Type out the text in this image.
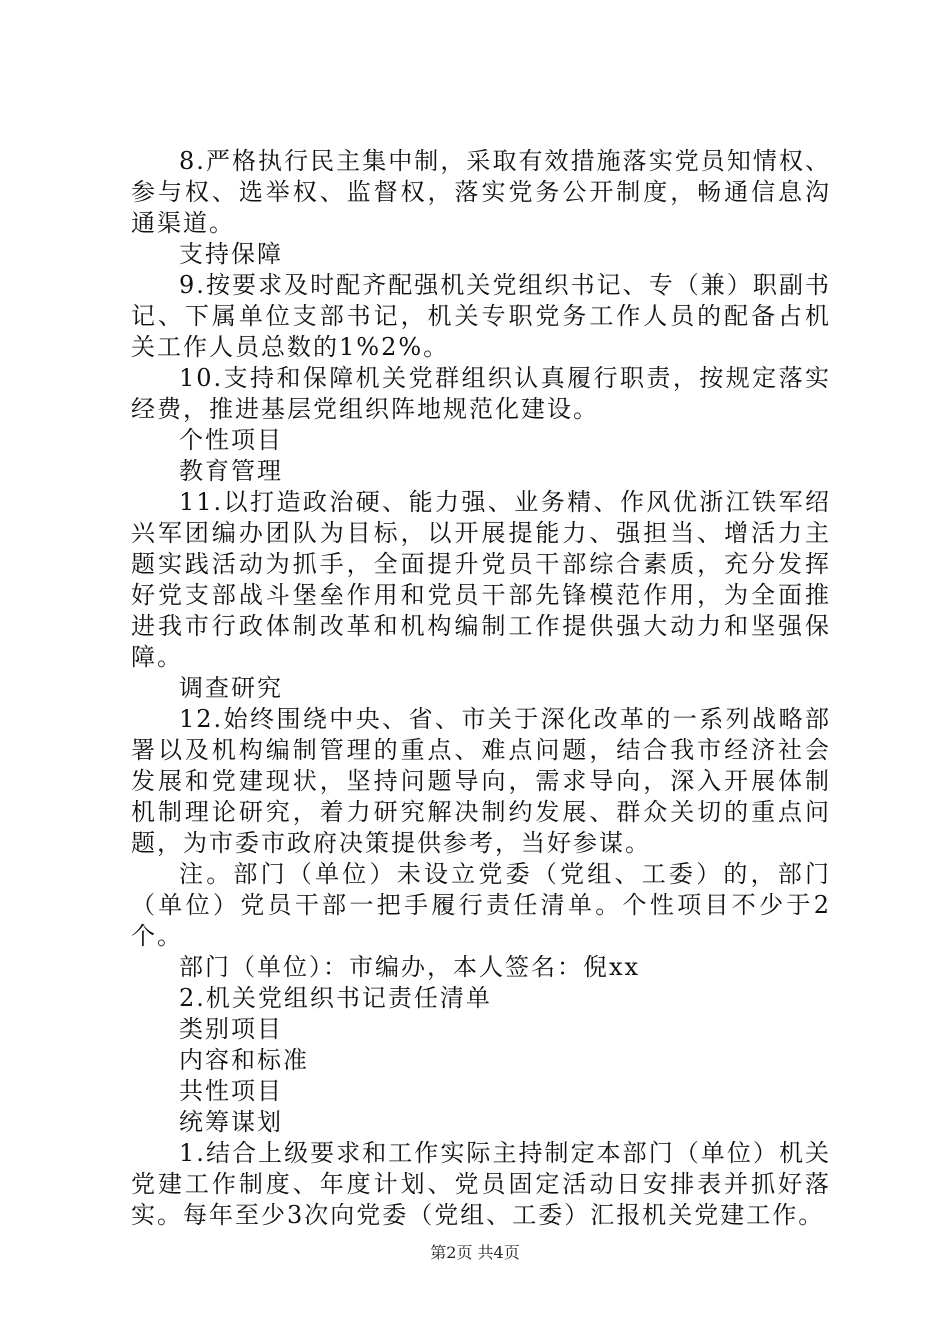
8.严格执行民主集中制，采取有效措施落实党员知情权、参与权、选举权、监督权，落实党务公开制度，畅通信息沟通渠道。

支持保障

9.按要求及时配齐配强机关党组织书记、专（兼）职副书记、下属单位支部书记，机关专职党务工作人员的配备占机关工作人员总数的1%2%。

10.支持和保障机关党群组织认真履行职责，按规定落实经费，推进基层党组织阵地规范化建设。

个性项目

教育管理

11.以打造政治硬、能力强、业务精、作风优浙江铁军绍兴军团编办团队为目标，以开展提能力、强担当、增活力主题实践活动为抓手，全面提升党员干部综合素质，充分发挥好党支部战斗堡垒作用和党员干部先锋模范作用，为全面推进我市行政体制改革和机构编制工作提供强大动力和坚强保障。

调查研究

12.始终围绕中央、省、市关于深化改革的一系列战略部署以及机构编制管理的重点、难点问题，结合我市经济社会发展和党建现状，坚持问题导向，需求导向，深入开展体制机制理论研究，着力研究解决制约发展、群众关切的重点问题，为市委市政府决策提供参考，当好参谋。

注。部门（单位）未设立党委（党组、工委）的，部门（单位）党员干部一把手履行责任清单。个性项目不少于2个。

部门（单位）：市编办，本人签名：倪xx

2.机关党组织书记责任清单

类别项目

内容和标准

共性项目

统筹谋划

1.结合上级要求和工作实际主持制定本部门（单位）机关党建工作制度、年度计划、党员固定活动日安排表并抓好落实。每年至少3次向党委（党组、工委）汇报机关党建工作。

第2页 共4页
